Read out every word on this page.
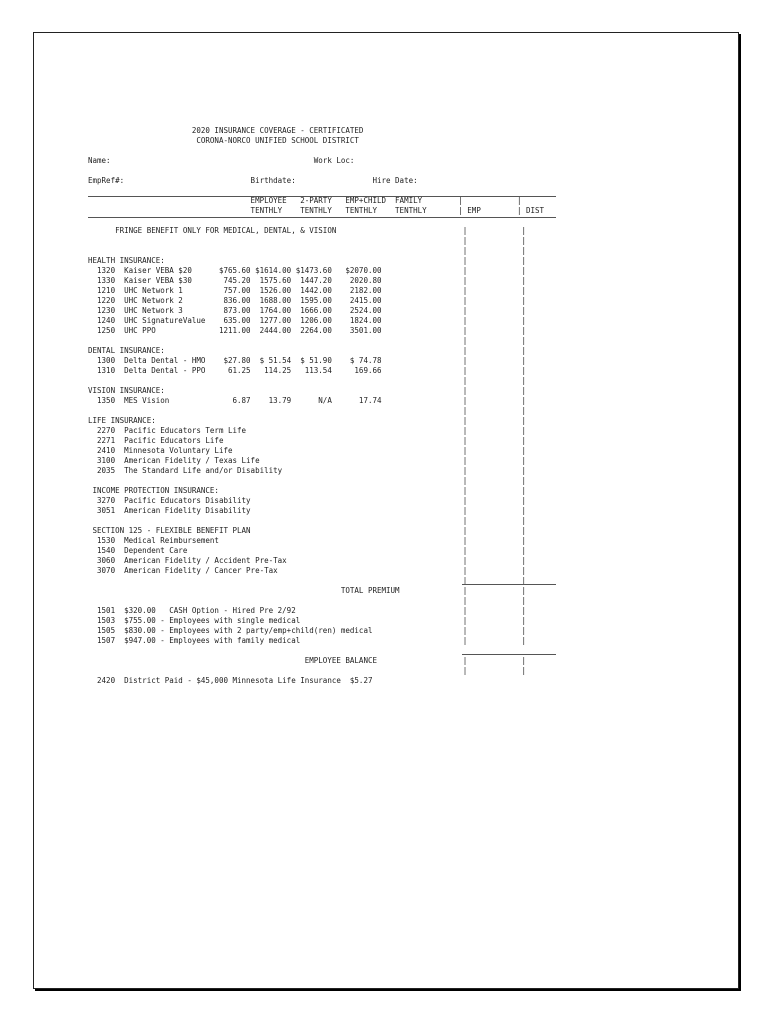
2020 INSURANCE COVERAGE - CERTIFICATED
CORONA-NORCO UNIFIED SCHOOL DISTRICT
Name:                                             Work Loc:
EmpRef#:                            Birthdate:                 Hire Date:
EMPLOYEE   2-PARTY   EMP+CHILD  FAMILY        |            |
TENTHLY    TENTHLY   TENTHLY    TENTHLY       | EMP        | DIST
FRINGE BENEFIT ONLY FOR MEDICAL, DENTAL, & VISION                            |            |
|            |
|            |
HEALTH INSURANCE:                                                                  |            |
1320  Kaiser VEBA $20      $765.60 $1614.00 $1473.60   $2070.00                  |            |
1330  Kaiser VEBA $30       745.20  1575.60  1447.20    2020.80                  |            |
1210  UHC Network 1         757.00  1526.00  1442.00    2182.00                  |            |
1220  UHC Network 2         836.00  1688.00  1595.00    2415.00                  |            |
1230  UHC Network 3         873.00  1764.00  1666.00    2524.00                  |            |
1240  UHC SignatureValue    635.00  1277.00  1206.00    1824.00                  |            |
1250  UHC PPO              1211.00  2444.00  2264.00    3501.00                  |            |
|            |
DENTAL INSURANCE:                                                                  |            |
1300  Delta Dental - HMO    $27.80  $ 51.54  $ 51.90    $ 74.78                  |            |
1310  Delta Dental - PPO     61.25   114.25   113.54     169.66                  |            |
|            |
VISION INSURANCE:                                                                  |            |
1350  MES Vision              6.87    13.79      N/A      17.74                  |            |
|            |
LIFE INSURANCE:                                                                    |            |
2270  Pacific Educators Term Life                                                |            |
2271  Pacific Educators Life                                                     |            |
2410  Minnesota Voluntary Life                                                   |            |
3100  American Fidelity / Texas Life                                             |            |
2035  The Standard Life and/or Disability                                        |            |
|            |
INCOME PROTECTION INSURANCE:                                                      |            |
3270  Pacific Educators Disability                                               |            |
3051  American Fidelity Disability                                               |            |
|            |
SECTION 125 - FLEXIBLE BENEFIT PLAN                                               |            |
1530  Medical Reimbursement                                                      |            |
1540  Dependent Care                                                             |            |
3060  American Fidelity / Accident Pre-Tax                                       |            |
3070  American Fidelity / Cancer Pre-Tax                                         |            |
|            |
TOTAL PREMIUM              |            |
|            |
1501  $320.00   CASH Option - Hired Pre 2/92                                     |            |
1503  $755.00 - Employees with single medical                                    |            |
1505  $830.00 - Employees with 2 party/emp+child(ren) medical                    |            |
1507  $947.00 - Employees with family medical                                    |            |
EMPLOYEE BALANCE                   |            |
|            |
2420  District Paid - $45,000 Minnesota Life Insurance  $5.27
